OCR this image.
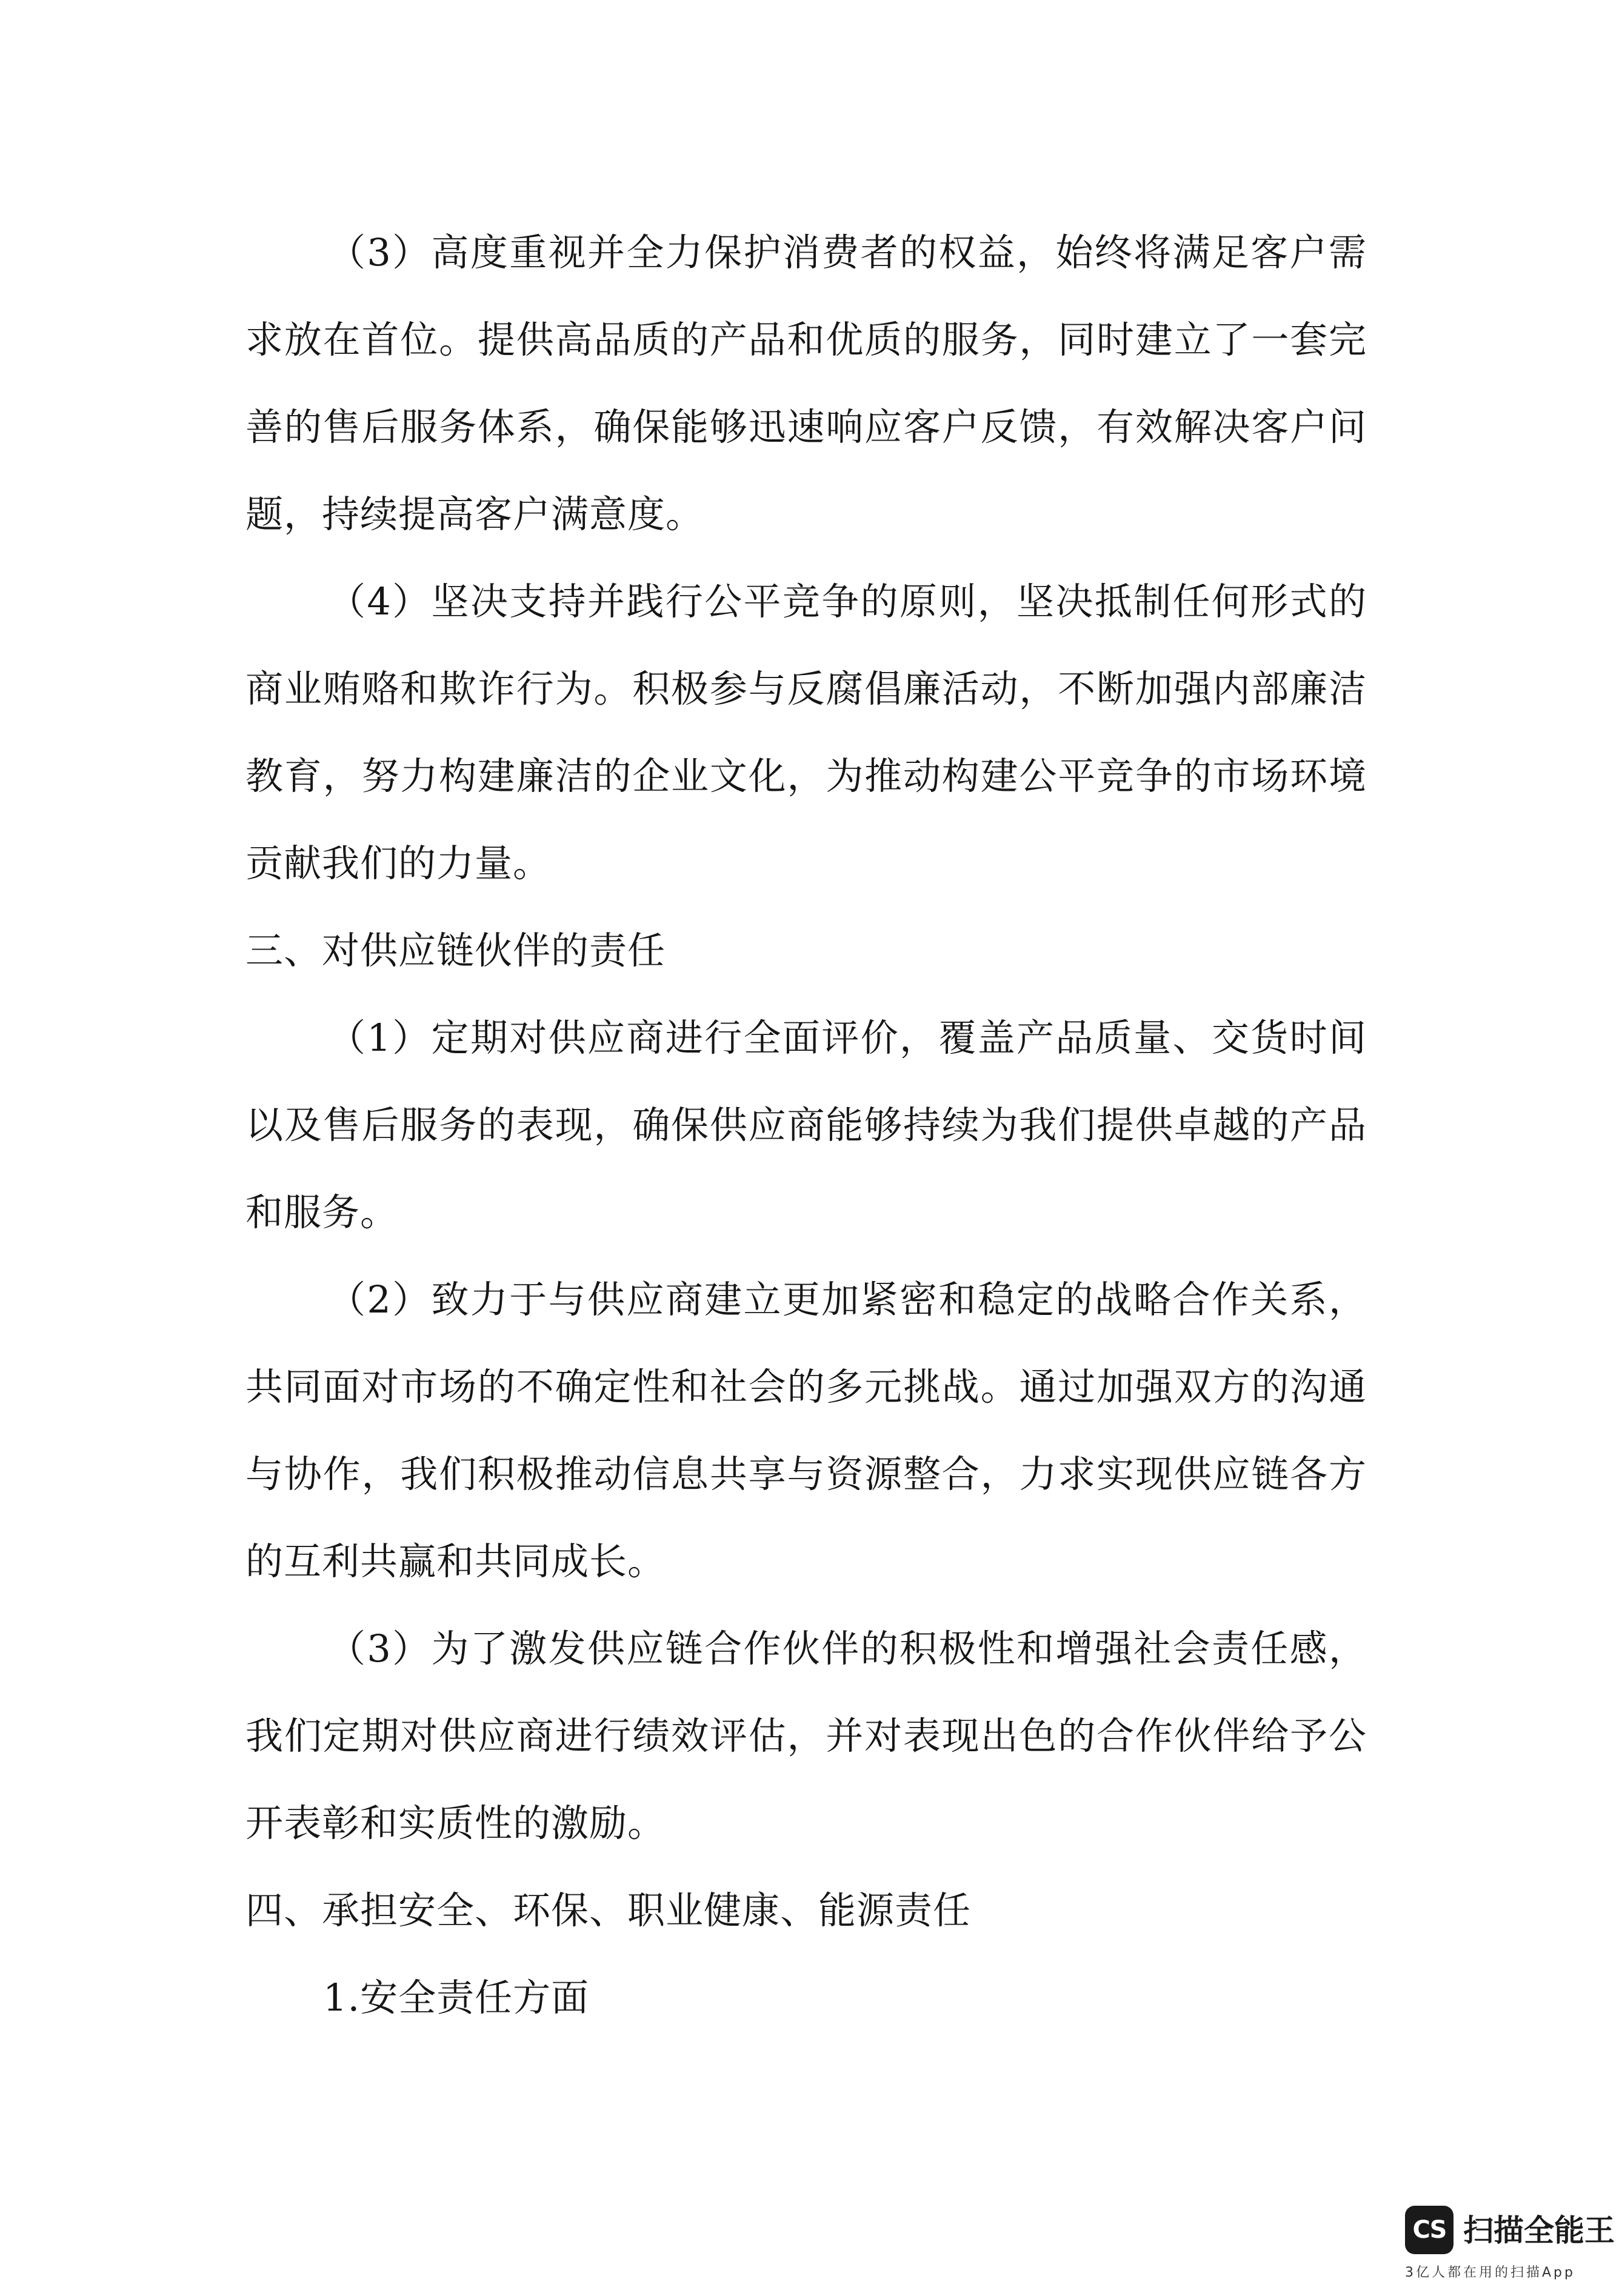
（3）高度重视并全力保护消费者的权益，始终将满足客户需求放在首位。提供高品质的产品和优质的服务，同时建立了一套完善的售后服务体系，确保能够迅速响应客户反馈，有效解决客户问题，持续提高客户满意度。

（4）坚决支持并践行公平竞争的原则，坚决抵制任何形式的商业贿赂和欺诈行为。积极参与反腐倡廉活动，不断加强内部廉洁教育，努力构建廉洁的企业文化，为推动构建公平竞争的市场环境贡献我们的力量。

三、对供应链伙伴的责任

（1）定期对供应商进行全面评价，覆盖产品质量、交货时间以及售后服务的表现，确保供应商能够持续为我们提供卓越的产品和服务。

（2）致力于与供应商建立更加紧密和稳定的战略合作关系，共同面对市场的不确定性和社会的多元挑战。通过加强双方的沟通与协作，我们积极推动信息共享与资源整合，力求实现供应链各方的互利共赢和共同成长。

（3）为了激发供应链合作伙伴的积极性和增强社会责任感，我们定期对供应商进行绩效评估，并对表现出色的合作伙伴给予公开表彰和实质性的激励。

四、承担安全、环保、职业健康、能源责任

1.安全责任方面

CS 扫描全能王
3亿人都在用的扫描App
